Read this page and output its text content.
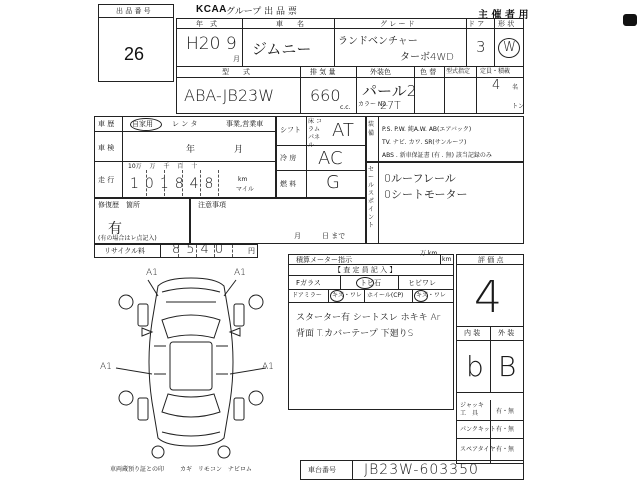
出 品 番 号
26
KCAA グループ 出 品 票	主 催 者 用
年　式	車　　名	グ レ ー ド	ド ア 形 状
H20 9
月
ジムニー	ランドベンチャー
ターボ4WD
3 W
型　　式	排 気 量	外装色	色 替 型式指定 定員・積載
ABA-JB23W 660
c.c.
パール2
カラー No.
27T
4 名
トン
車 歴	自家用	レ ン タ	事業,営業車
車 検	年	月
走 行
10万 万 千 百 十
101848	km
マイル
シフト
床 コラム パネル
AT
冷 房 AC
燃 料 G
装 備
P.S. P.W. 純A.W. AB(エアバック)
TV. ナビ. カワ. SR(サンルーフ)
ABS . 新車保証書 (有 . 無) 該当記録のみ
セールスポイント
0ルーフレール
0シートモーター
修復歴　箇所
有
(有の場合はレ点記入)
注意事項
月　　　日 まで
リサイクル料 8540	円	万 km
積算メーター指示	km
【 査 定 員 記 入 】
Fガラス	トビ石	ヒビワレ
ドアミラー キズ・ワレ ホイール(CP) キズ・ワレ
スターター有 シートスレ ホキキ Ar
背面 T.カバーテープ 下廻りS
評 価 点
4
内 装	外 装
b B
ジャッキ 工　具	有・無
パンクキット 有・無
スペアタイヤ 有・無
A1	A1
A1	A1
車両蔵預り証との印	カギ リモコン ナビロム	車台番号 JB23W-603350
